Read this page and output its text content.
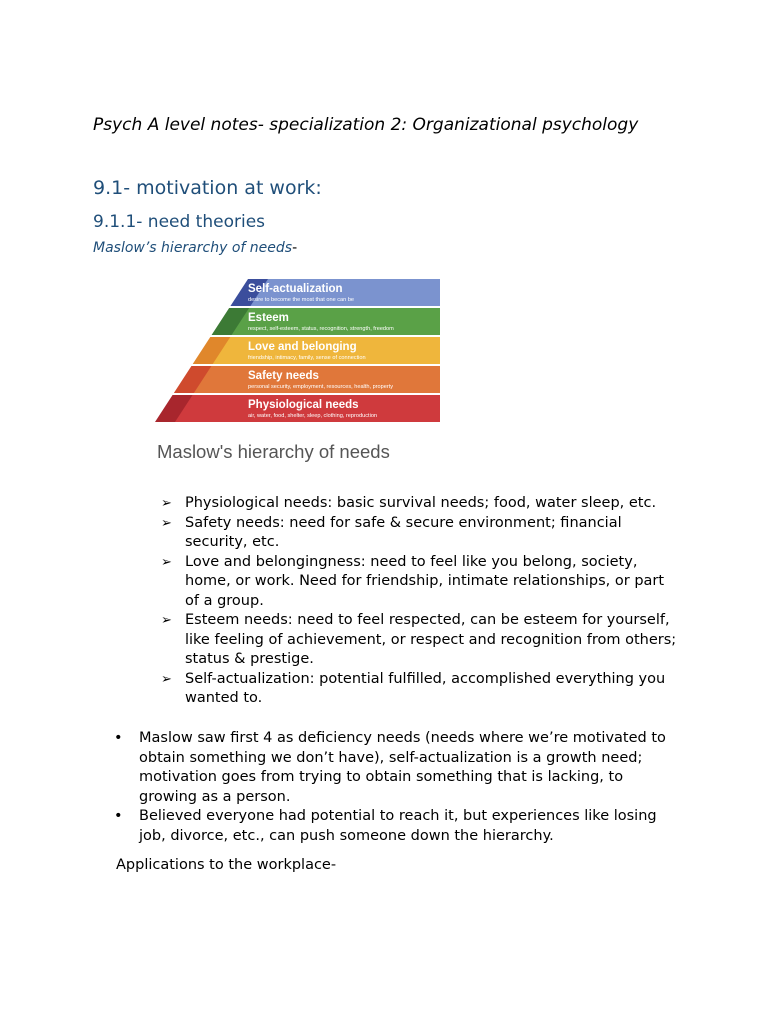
Psych A level notes- specialization 2: Organizational psychology
9.1- motivation at work:
9.1.1- need theories
Maslow’s hierarchy of needs-
Self-actualization
desire to become the most that one can be
Esteem
respect, self-esteem, status, recognition, strength, freedom
Love and belonging
friendship, intimacy, family, sense of connection
Safety needs
personal security, employment, resources, health, property
Physiological needs
air, water, food, shelter, sleep, clothing, reproduction
Maslow's hierarchy of needs
➢ Physiological needs: basic survival needs; food, water sleep, etc.
➢ Safety needs: need for safe & secure environment; financial security, etc.
➢ Love and belongingness: need to feel like you belong, society, home, or work. Need for friendship, intimate relationships, or part of a group.
➢ Esteem needs: need to feel respected, can be esteem for yourself, like feeling of achievement, or respect and recognition from others; status & prestige.
➢ Self-actualization: potential fulfilled, accomplished everything you wanted to.
• Maslow saw first 4 as deficiency needs (needs where we’re motivated to obtain something we don’t have), self-actualization is a growth need; motivation goes from trying to obtain something that is lacking, to growing as a person.
• Believed everyone had potential to reach it, but experiences like losing job, divorce, etc., can push someone down the hierarchy.
Applications to the workplace-
